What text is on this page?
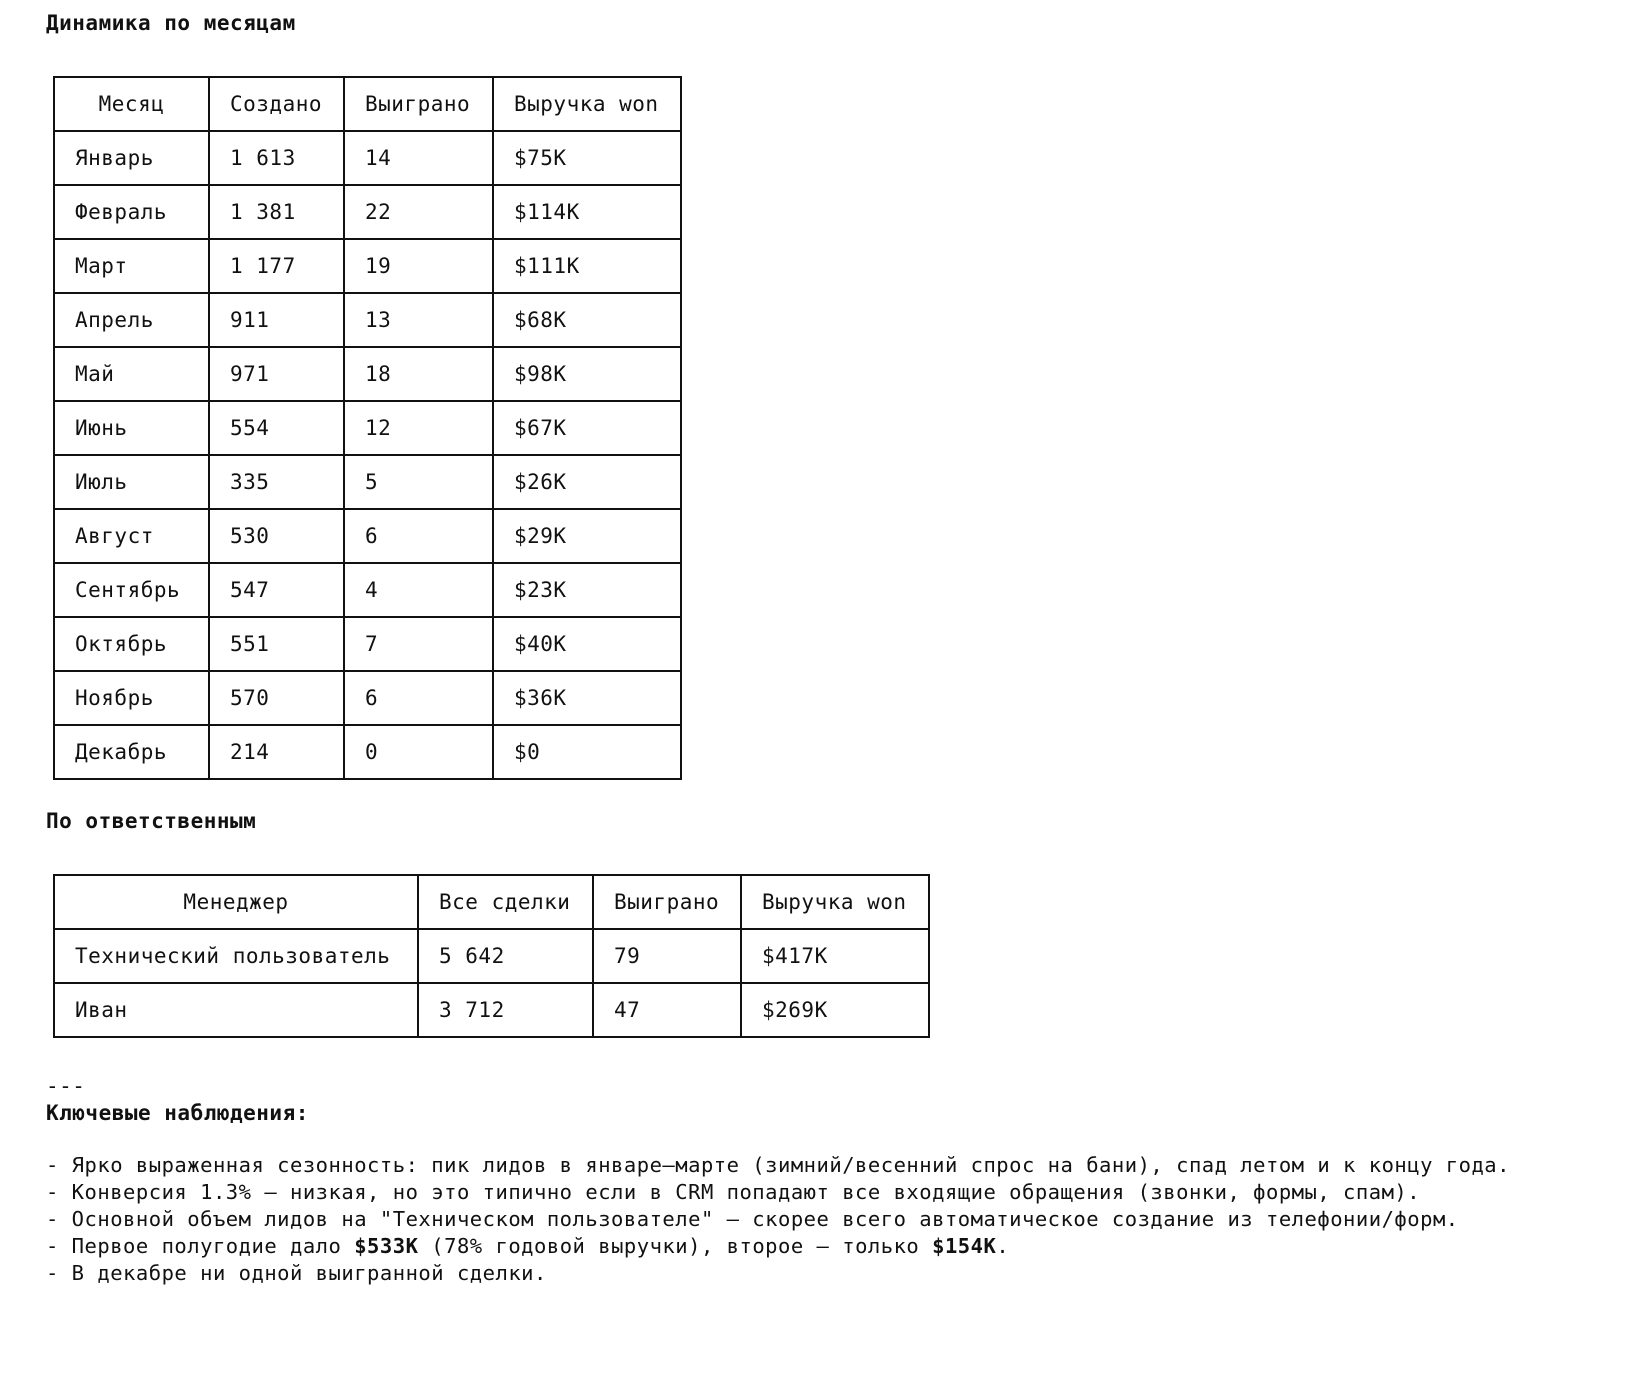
Динамика по месяцам
Месяц	Создано	Выиграно	Выручка won
Январь	1 613	14	$75K
Февраль	1 381	22	$114K
Март	1 177	19	$111K
Апрель	911	13	$68K
Май	971	18	$98K
Июнь	554	12	$67K
Июль	335	5	$26K
Август	530	6	$29K
Сентябрь	547	4	$23K
Октябрь	551	7	$40K
Ноябрь	570	6	$36K
Декабрь	214	0	$0
По ответственным
Менеджер	Все сделки	Выиграно	Выручка won
Технический пользователь	5 642	79	$417K
Иван	3 712	47	$269K
---
Ключевые наблюдения:
- Ярко выраженная сезонность: пик лидов в январе–марте (зимний/весенний спрос на бани), спад летом и к концу года.
- Конверсия 1.3% — низкая, но это типично если в CRM попадают все входящие обращения (звонки, формы, спам).
- Основной объем лидов на "Техническом пользователе" — скорее всего автоматическое создание из телефонии/форм.
- Первое полугодие дало $533K (78% годовой выручки), второе — только $154K.
- В декабре ни одной выигранной сделки.
